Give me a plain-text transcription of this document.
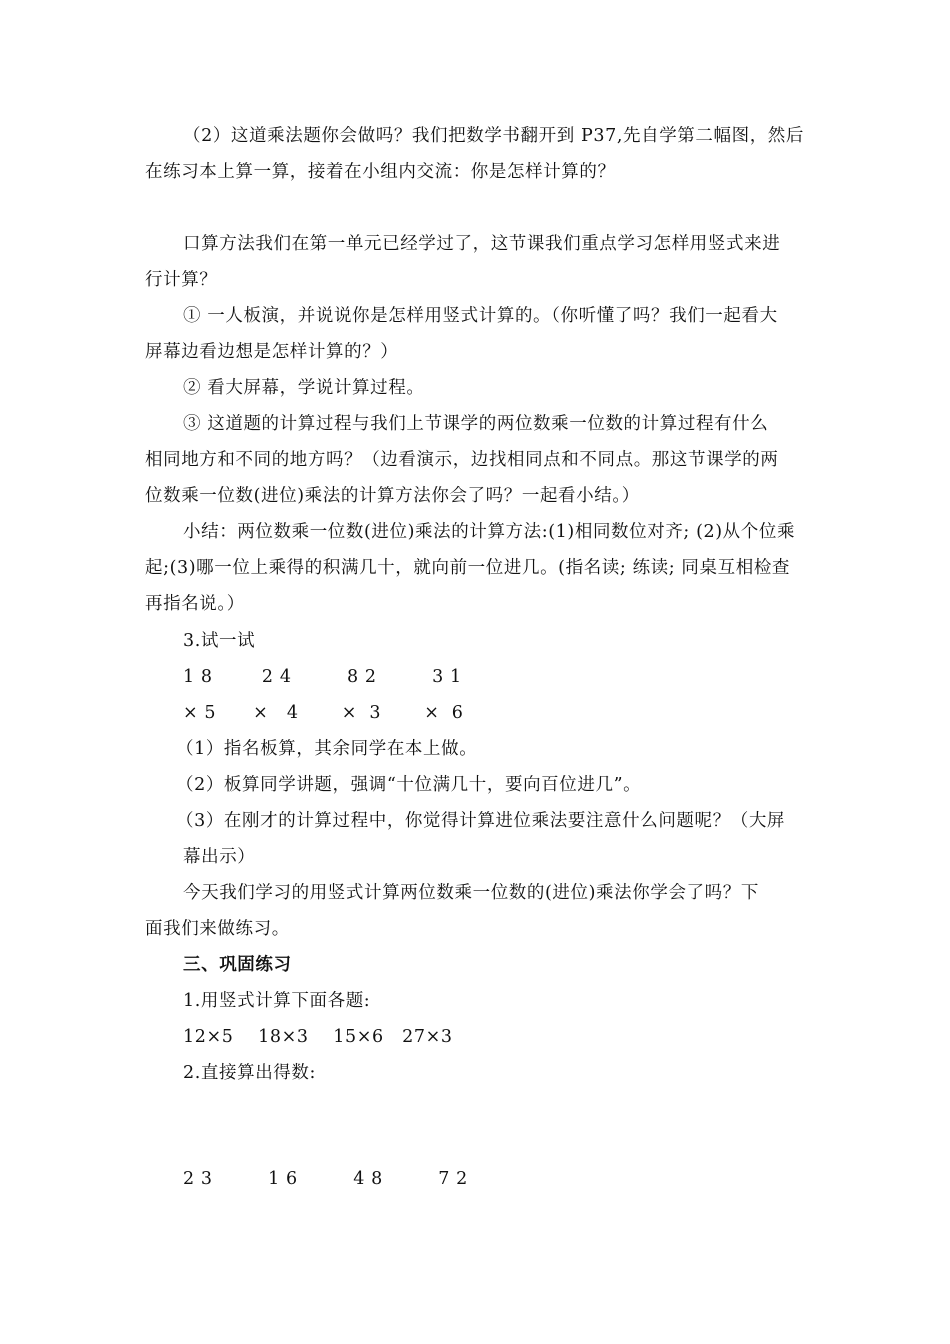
（2）这道乘法题你会做吗？我们把数学书翻开到 P37,先自学第二幅图，然后
在练习本上算一算，接着在小组内交流：你是怎样计算的？
口算方法我们在第一单元已经学过了，这节课我们重点学习怎样用竖式来进
行计算？
① 一人板演，并说说你是怎样用竖式计算的。（你听懂了吗？我们一起看大
屏幕边看边想是怎样计算的？）
② 看大屏幕，学说计算过程。
③ 这道题的计算过程与我们上节课学的两位数乘一位数的计算过程有什么
相同地方和不同的地方吗？（边看演示，边找相同点和不同点。那这节课学的两
位数乘一位数(进位)乘法的计算方法你会了吗？一起看小结。）
小结：两位数乘一位数(进位)乘法的计算方法:(1)相同数位对齐; (2)从个位乘
起;(3)哪一位上乘得的积满几十，就向前一位进几。(指名读; 练读; 同桌互相检查
再指名说。）
3.试一试
1 8        2 4         8 2         3 1
× 5      ×   4       ×  3       ×  6
（1）指名板算，其余同学在本上做。
（2）板算同学讲题，强调“十位满几十，要向百位进几”。
（3）在刚才的计算过程中，你觉得计算进位乘法要注意什么问题呢？（大屏
幕出示）
今天我们学习的用竖式计算两位数乘一位数的(进位)乘法你学会了吗？下
面我们来做练习。
三、巩固练习
1.用竖式计算下面各题:
12×5    18×3    15×6   27×3
2.直接算出得数:
2 3         1 6         4 8         7 2
